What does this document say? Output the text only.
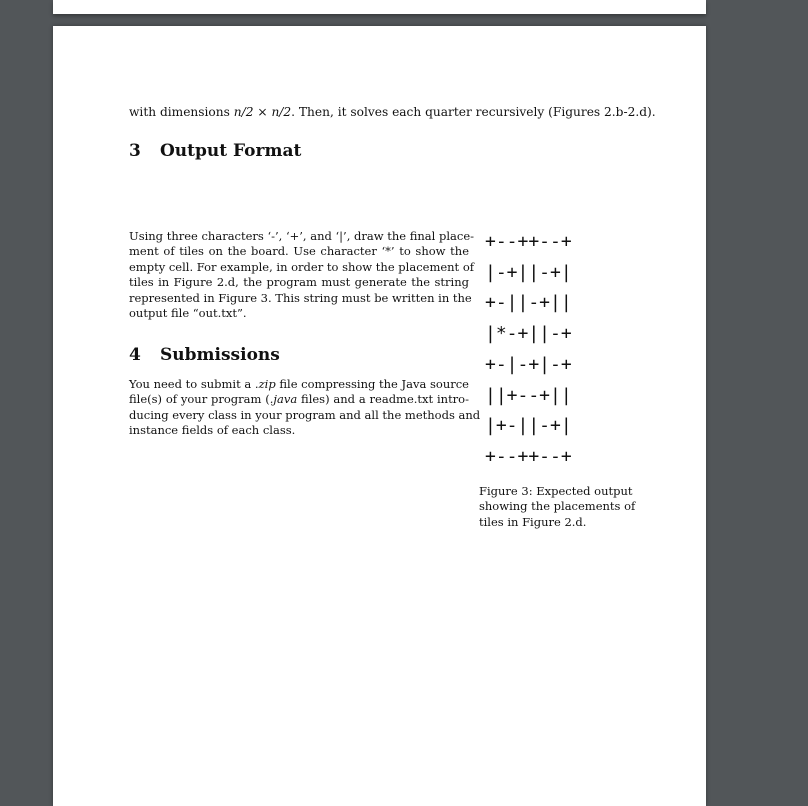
with dimensions n/2 × n/2. Then, it solves each quarter recursively (Figures 2.b-2.d).
3 Output Format
Using three characters ‘-’, ‘+’, and ‘|’, draw the final place-
ment of tiles on the board. Use character ‘*’ to show the
empty cell. For example, in order to show the placement of
tiles in Figure 2.d, the program must generate the string
represented in Figure 3. This string must be written in the
output file “out.txt”.
4 Submissions
You need to submit a .zip file compressing the Java source
file(s) of your program (.java files) and a readme.txt intro-
ducing every class in your program and all the methods and
instance fields of each class.
+--++--+
|-+||-+|
+-||-+||
|*-+||-+
+-|-+|-+
||+--+||
|+-||-+|
+--++--+
Figure 3: Expected output
showing the placements of
tiles in Figure 2.d.
